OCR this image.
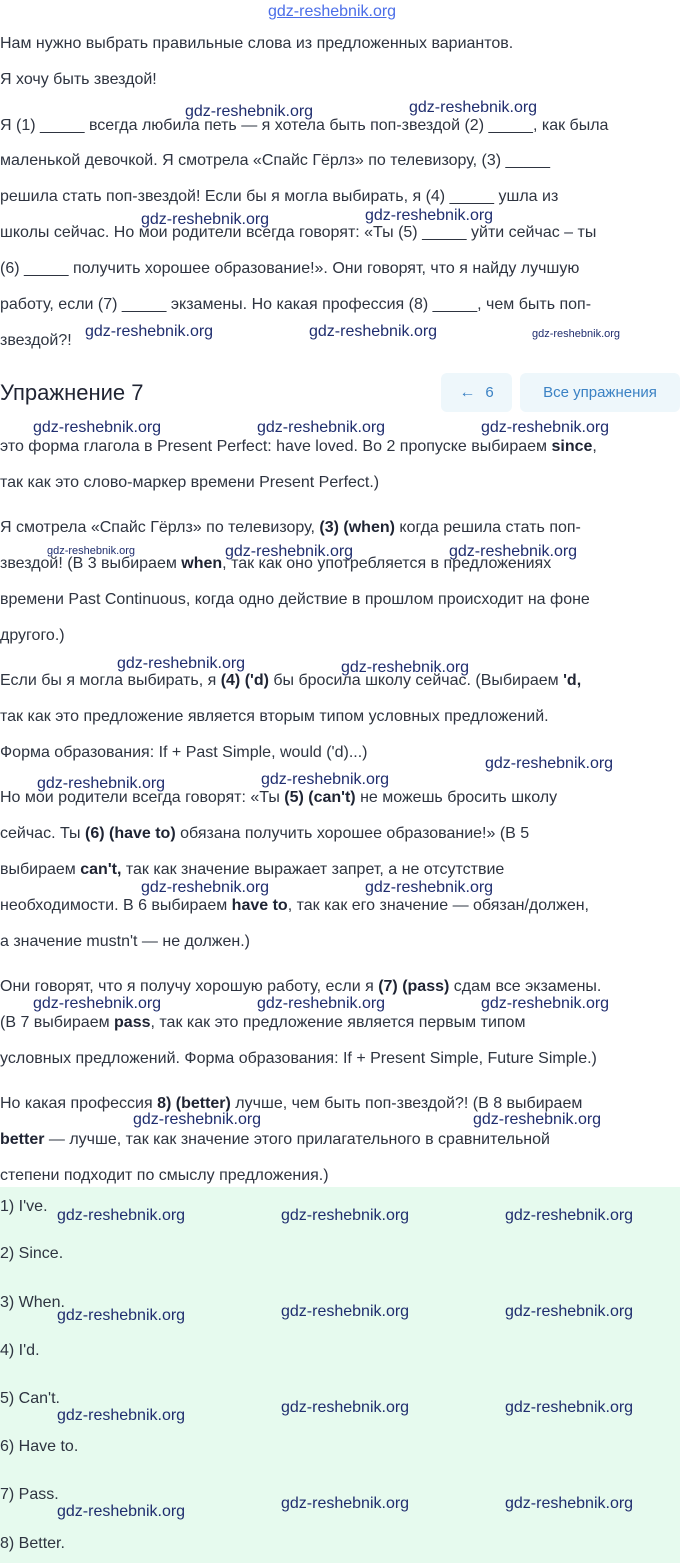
gdz-reshebnik.org
Нам нужно выбрать правильные слова из предложенных вариантов.
Я хочу быть звездой!
Я (1) _____ всегда любила петь — я хотела быть поп-звездой (2) _____, как была
маленькой девочкой. Я смотрела «Спайс Гёрлз» по телевизору, (3) _____
решила стать поп-звездой! Если бы я могла выбирать, я (4) _____ ушла из
школы сейчас. Но мои родители всегда говорят: «Ты (5) _____ уйти сейчас – ты
(6) _____ получить хорошее образование!». Они говорят, что я найду лучшую
работу, если (7) _____ экзамены. Но какая профессия (8) _____, чем быть поп-
звездой?!
Упражнение 7	← 6	Все упражнения
это форма глагола в Present Perfect: have loved. Во 2 пропуске выбираем since,
так как это слово-маркер времени Present Perfect.)
Я смотрела «Спайс Гёрлз» по телевизору, (3) (when) когда решила стать поп-
звездой! (В 3 выбираем when, так как оно употребляется в предложениях
времени Past Continuous, когда одно действие в прошлом происходит на фоне
другого.)
Если бы я могла выбирать, я (4) ('d) бы бросила школу сейчас. (Выбираем 'd,
так как это предложение является вторым типом условных предложений.
Форма образования: If + Past Simple, would ('d)...)
Но мои родители всегда говорят: «Ты (5) (can't) не можешь бросить школу
сейчас. Ты (6) (have to) обязана получить хорошее образование!» (В 5
выбираем can't, так как значение выражает запрет, а не отсутствие
необходимости. В 6 выбираем have to, так как его значение — обязан/должен,
а значение mustn't — не должен.)
Они говорят, что я получу хорошую работу, если я (7) (pass) сдам все экзамены.
(В 7 выбираем pass, так как это предложение является первым типом
условных предложений. Форма образования: If + Present Simple, Future Simple.)
Но какая профессия 8) (better) лучше, чем быть поп-звездой?! (В 8 выбираем
better — лучше, так как значение этого прилагательного в сравнительной
степени подходит по смыслу предложения.)
1) I've.
2) Since.
3) When.
4) I'd.
5) Can't.
6) Have to.
7) Pass.
8) Better.
gdz-reshebnik.org	gdz-reshebnik.org
gdz-reshebnik.org	gdz-reshebnik.org
gdz-reshebnik.org	gdz-reshebnik.org	gdz-reshebnik.org
gdz-reshebnik.org	gdz-reshebnik.org	gdz-reshebnik.org
gdz-reshebnik.org	gdz-reshebnik.org	gdz-reshebnik.org
gdz-reshebnik.org	gdz-reshebnik.org
gdz-reshebnik.org	gdz-reshebnik.org
gdz-reshebnik.org
gdz-reshebnik.org	gdz-reshebnik.org
gdz-reshebnik.org	gdz-reshebnik.org	gdz-reshebnik.org
gdz-reshebnik.org	gdz-reshebnik.org
gdz-reshebnik.org	gdz-reshebnik.org	gdz-reshebnik.org
gdz-reshebnik.org	gdz-reshebnik.org	gdz-reshebnik.org
gdz-reshebnik.org	gdz-reshebnik.org	gdz-reshebnik.org
gdz-reshebnik.org	gdz-reshebnik.org	gdz-reshebnik.org
